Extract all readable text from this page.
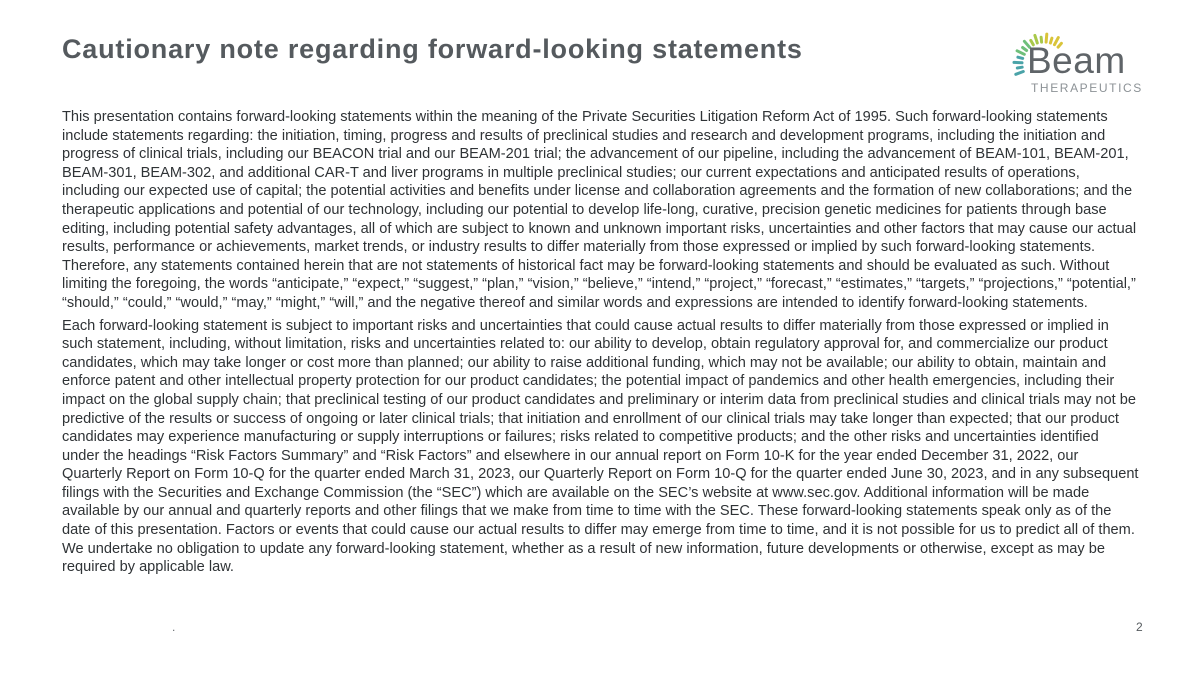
Cautionary note regarding forward-looking statements	Beam
THERAPEUTICS

This presentation contains forward-looking statements within the meaning of the Private Securities Litigation Reform Act of 1995. Such forward-looking statements include statements regarding: the initiation, timing, progress and results of preclinical studies and research and development programs, including the initiation and progress of clinical trials, including our BEACON trial and our BEAM-201 trial; the advancement of our pipeline, including the advancement of BEAM-101, BEAM-201, BEAM-301, BEAM-302, and additional CAR-T and liver programs in multiple preclinical studies; our current expectations and anticipated results of operations, including our expected use of capital; the potential activities and benefits under license and collaboration agreements and the formation of new collaborations; and the therapeutic applications and potential of our technology, including our potential to develop life-long, curative, precision genetic medicines for patients through base editing, including potential safety advantages, all of which are subject to known and unknown important risks, uncertainties and other factors that may cause our actual results, performance or achievements, market trends, or industry results to differ materially from those expressed or implied by such forward-looking statements. Therefore, any statements contained herein that are not statements of historical fact may be forward-looking statements and should be evaluated as such. Without limiting the foregoing, the words “anticipate,” “expect,” “suggest,” “plan,” “vision,” “believe,” “intend,” “project,” “forecast,” “estimates,” “targets,” “projections,” “potential,” “should,” “could,” “would,” “may,” “might,” “will,” and the negative thereof and similar words and expressions are intended to identify forward-looking statements.

Each forward-looking statement is subject to important risks and uncertainties that could cause actual results to differ materially from those expressed or implied in such statement, including, without limitation, risks and uncertainties related to: our ability to develop, obtain regulatory approval for, and commercialize our product candidates, which may take longer or cost more than planned; our ability to raise additional funding, which may not be available; our ability to obtain, maintain and enforce patent and other intellectual property protection for our product candidates; the potential impact of pandemics and other health emergencies, including their impact on the global supply chain; that preclinical testing of our product candidates and preliminary or interim data from preclinical studies and clinical trials may not be predictive of the results or success of ongoing or later clinical trials; that initiation and enrollment of our clinical trials may take longer than expected; that our product candidates may experience manufacturing or supply interruptions or failures; risks related to competitive products; and the other risks and uncertainties identified under the headings “Risk Factors Summary” and “Risk Factors” and elsewhere in our annual report on Form 10-K for the year ended December 31, 2022, our Quarterly Report on Form 10-Q for the quarter ended March 31, 2023, our Quarterly Report on Form 10-Q for the quarter ended June 30, 2023, and in any subsequent filings with the Securities and Exchange Commission (the “SEC”) which are available on the SEC’s website at www.sec.gov. Additional information will be made available by our annual and quarterly reports and other filings that we make from time to time with the SEC. These forward-looking statements speak only as of the date of this presentation. Factors or events that could cause our actual results to differ may emerge from time to time, and it is not possible for us to predict all of them. We undertake no obligation to update any forward-looking statement, whether as a result of new information, future developments or otherwise, except as may be required by applicable law.

.	2
